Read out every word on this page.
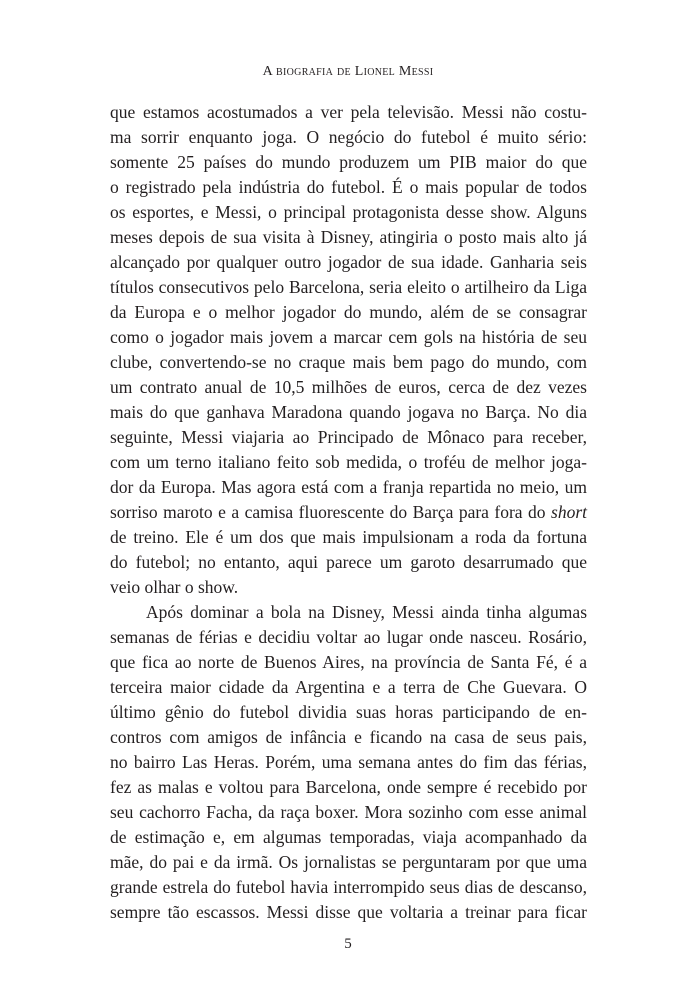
A biografia de Lionel Messi
que estamos acostumados a ver pela televisão. Messi não costu-
ma sorrir enquanto joga. O negócio do futebol é muito sério:
somente 25 países do mundo produzem um PIB maior do que
o registrado pela indústria do futebol. É o mais popular de todos
os esportes, e Messi, o principal protagonista desse show. Alguns
meses depois de sua visita à Disney, atingiria o posto mais alto já
alcançado por qualquer outro jogador de sua idade. Ganharia seis
títulos consecutivos pelo Barcelona, seria eleito o artilheiro da Liga
da Europa e o melhor jogador do mundo, além de se consagrar
como o jogador mais jovem a marcar cem gols na história de seu
clube, convertendo-se no craque mais bem pago do mundo, com
um contrato anual de 10,5 milhões de euros, cerca de dez vezes
mais do que ganhava Maradona quando jogava no Barça. No dia
seguinte, Messi viajaria ao Principado de Mônaco para receber,
com um terno italiano feito sob medida, o troféu de melhor joga-
dor da Europa. Mas agora está com a franja repartida no meio, um
sorriso maroto e a camisa fluorescente do Barça para fora do short
de treino. Ele é um dos que mais impulsionam a roda da fortuna
do futebol; no entanto, aqui parece um garoto desarrumado que
veio olhar o show.
Após dominar a bola na Disney, Messi ainda tinha algumas
semanas de férias e decidiu voltar ao lugar onde nasceu. Rosário,
que fica ao norte de Buenos Aires, na província de Santa Fé, é a
terceira maior cidade da Argentina e a terra de Che Guevara. O
último gênio do futebol dividia suas horas participando de en-
contros com amigos de infância e ficando na casa de seus pais,
no bairro Las Heras. Porém, uma semana antes do fim das férias,
fez as malas e voltou para Barcelona, onde sempre é recebido por
seu cachorro Facha, da raça boxer. Mora sozinho com esse animal
de estimação e, em algumas temporadas, viaja acompanhado da
mãe, do pai e da irmã. Os jornalistas se perguntaram por que uma
grande estrela do futebol havia interrompido seus dias de descanso,
sempre tão escassos. Messi disse que voltaria a treinar para ficar
5
